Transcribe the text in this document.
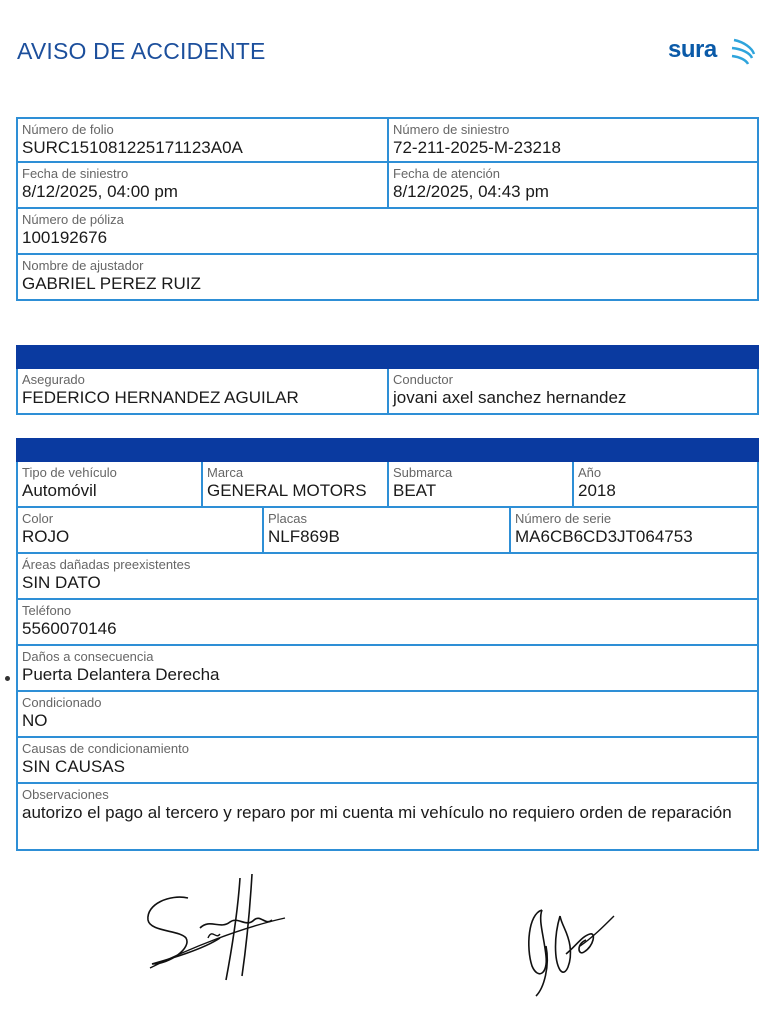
AVISO DE ACCIDENTE	sura
Número de folio
SURC151081225171123A0A
Número de siniestro
72-211-2025-M-23218
Fecha de siniestro
8/12/2025, 04:00 pm
Fecha de atención
8/12/2025, 04:43 pm
Número de póliza
100192676
Nombre de ajustador
GABRIEL PEREZ RUIZ
Asegurado
FEDERICO HERNANDEZ AGUILAR
Conductor
jovani axel sanchez hernandez
Tipo de vehículo
Automóvil
Marca
GENERAL MOTORS
Submarca
BEAT
Año
2018
Color
ROJO
Placas
NLF869B
Número de serie
MA6CB6CD3JT064753
Áreas dañadas preexistentes
SIN DATO
Teléfono
5560070146
Daños a consecuencia
Puerta Delantera Derecha
Condicionado
NO
Causas de condicionamiento
SIN CAUSAS
Observaciones
autorizo el pago al tercero y reparo por mi cuenta mi vehículo no requiero orden de reparación
